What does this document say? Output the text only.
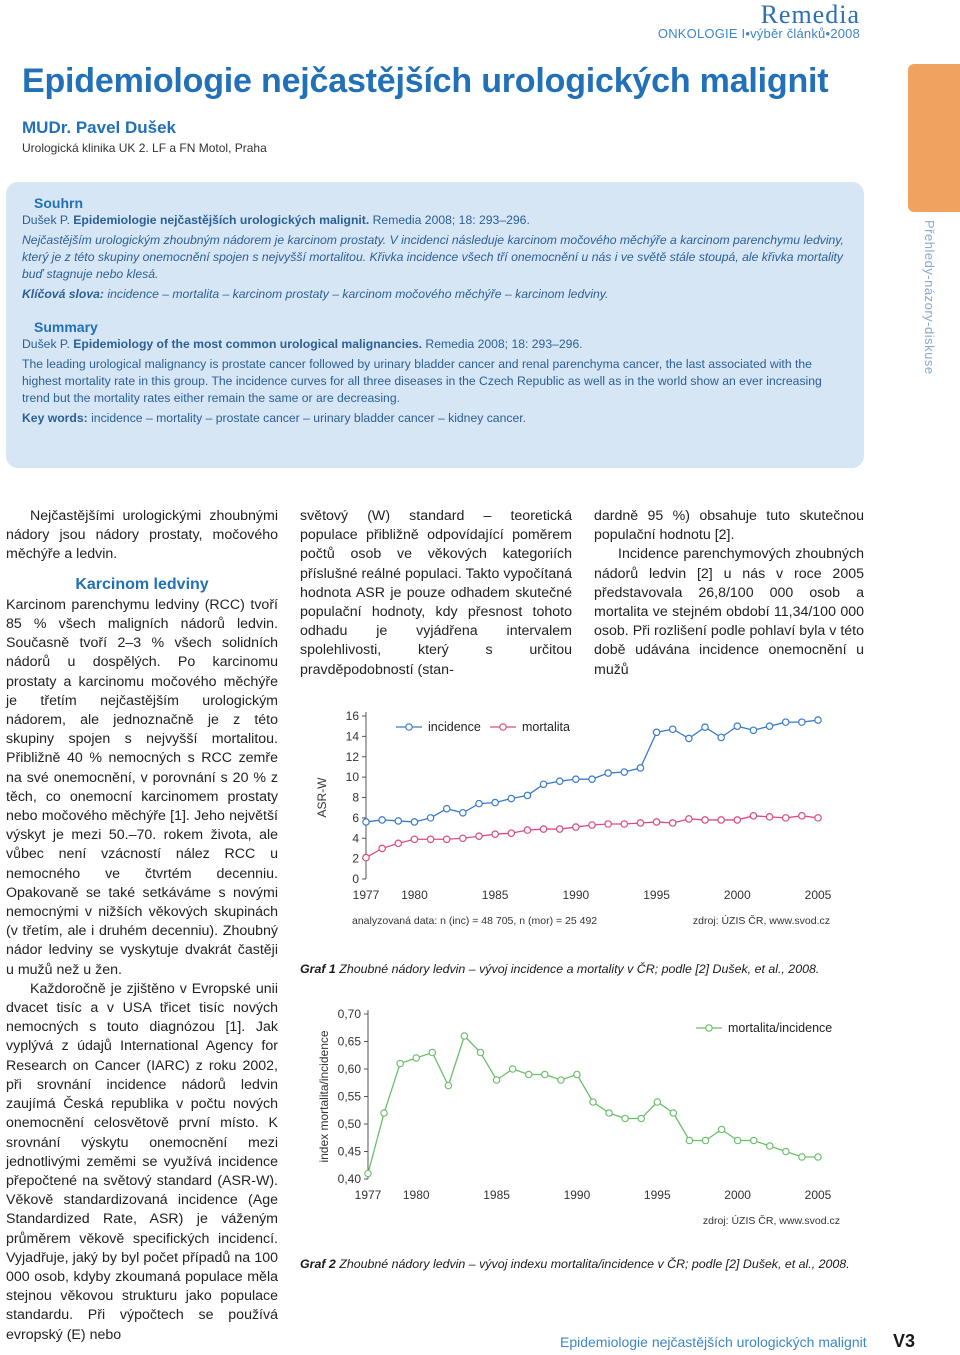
Remedia
ONKOLOGIE I•výběr článků•2008
Epidemiologie nejčastějších urologických malignit
MUDr. Pavel Dušek
Urologická klinika UK 2. LF a FN Motol, Praha
Přehledy-názory-diskuse
Souhrn

Dušek P. Epidemiologie nejčastějších urologických malignit. Remedia 2008; 18: 293–296.

Nejčastějším urologickým zhoubným nádorem je karcinom prostaty. V incidenci následuje karcinom močového měchýře a karcinom parenchymu ledviny, který je z této skupiny onemocnění spojen s nejvyšší mortalitou. Křivka incidence všech tří onemocnění u nás i ve světě stále stoupá, ale křivka mortality buď stagnuje nebo klesá.

Klíčová slova: incidence – mortalita – karcinom prostaty – karcinom močového měchýře – karcinom ledviny.

Summary

Dušek P. Epidemiology of the most common urological malignancies. Remedia 2008; 18: 293–296.

The leading urological malignancy is prostate cancer followed by urinary bladder cancer and renal parenchyma cancer, the last associated with the highest mortality rate in this group. The incidence curves for all three diseases in the Czech Republic as well as in the world show an ever increasing trend but the mortality rates either remain the same or are decreasing.

Key words: incidence – mortality – prostate cancer – urinary bladder cancer – kidney cancer.

Nejčastějšími urologickými zhoubnými nádory jsou nádory prostaty, močového měchýře a ledvin.

Karcinom ledviny

Karcinom parenchymu ledviny (RCC) tvoří 85 % všech maligních nádorů ledvin. Současně tvoří 2–3 % všech solidních nádorů u dospělých. Po karcinomu prostaty a karcinomu močového měchýře je třetím nejčastějším urologickým nádorem, ale jednoznačně je z této skupiny spojen s nejvyšší mortalitou. Přibližně 40 % nemocných s RCC zemře na své onemocnění, v porovnání s 20 % z těch, co onemocní karcinomem prostaty nebo močového měchýře [1]. Jeho největší výskyt je mezi 50.–70. rokem života, ale vůbec není vzácností nález RCC u nemocného ve čtvrtém decenniu. Opakovaně se také setkáváme s novými nemocnými v nižších věkových skupinách (v třetím, ale i druhém decenniu). Zhoubný nádor ledviny se vyskytuje dvakrát častěji u mužů než u žen.

Každoročně je zjištěno v Evropské unii dvacet tisíc a v USA třicet tisíc nových nemocných s touto diagnózou [1]. Jak vyplývá z údajů International Agency for Research on Cancer (IARC) z roku 2002, při srovnání incidence nádorů ledvin zaujímá Česká republika v počtu nových onemocnění celosvětově první místo. K srovnání výskytu onemocnění mezi jednotlivými zeměmi se využívá incidence přepočtené na světový standard (ASR-W). Věkově standardizovaná incidence (Age Standardized Rate, ASR) je váženým průměrem věkově specifických incidencí. Vyjadřuje, jaký by byl počet případů na 100 000 osob, kdyby zkoumaná populace měla stejnou věkovou strukturu jako populace standardu. Při výpočtech se používá evropský (E) nebo

světový (W) standard – teoretická populace přibližně odpovídající poměrem počtů osob ve věkových kategoriích příslušné reálné populaci. Takto vypočítaná hodnota ASR je pouze odhadem skutečné populační hodnoty, kdy přesnost tohoto odhadu je vyjádřena intervalem spolehlivosti, který s určitou pravděpodobností (stan-

dardně 95 %) obsahuje tuto skutečnou populační hodnotu [2].

Incidence parenchymových zhoubných nádorů ledvin [2] u nás v roce 2005 představovala 26,8/100 000 osob a mortalita ve stejném období 11,34/100 000 osob. Při rozlišení podle pohlaví byla v této době udávána incidence onemocnění u mužů

0
2
4
6
8
10
12
14
16
1977 1980	1985	1990	1995	2000	2005
ASR-W
incidence	mortalita
analyzovaná data: n (inc) = 48 705, n (mor) = 25 492	zdroj: ÚZIS ČR, www.svod.cz
Graf 1 Zhoubné nádory ledvin – vývoj incidence a mortality v ČR; podle [2] Dušek, et al., 2008.
0,40
0,45
0,50
0,55
0,60
0,65
0,70
1977 1980	1985	1990	1995	2000	2005
index mortalita/incidence
mortalita/incidence
zdroj: ÚZIS ČR, www.svod.cz
Graf 2 Zhoubné nádory ledvin – vývoj indexu mortalita/incidence v ČR; podle [2] Dušek, et al., 2008.
Epidemiologie nejčastějších urologických malignit V3
